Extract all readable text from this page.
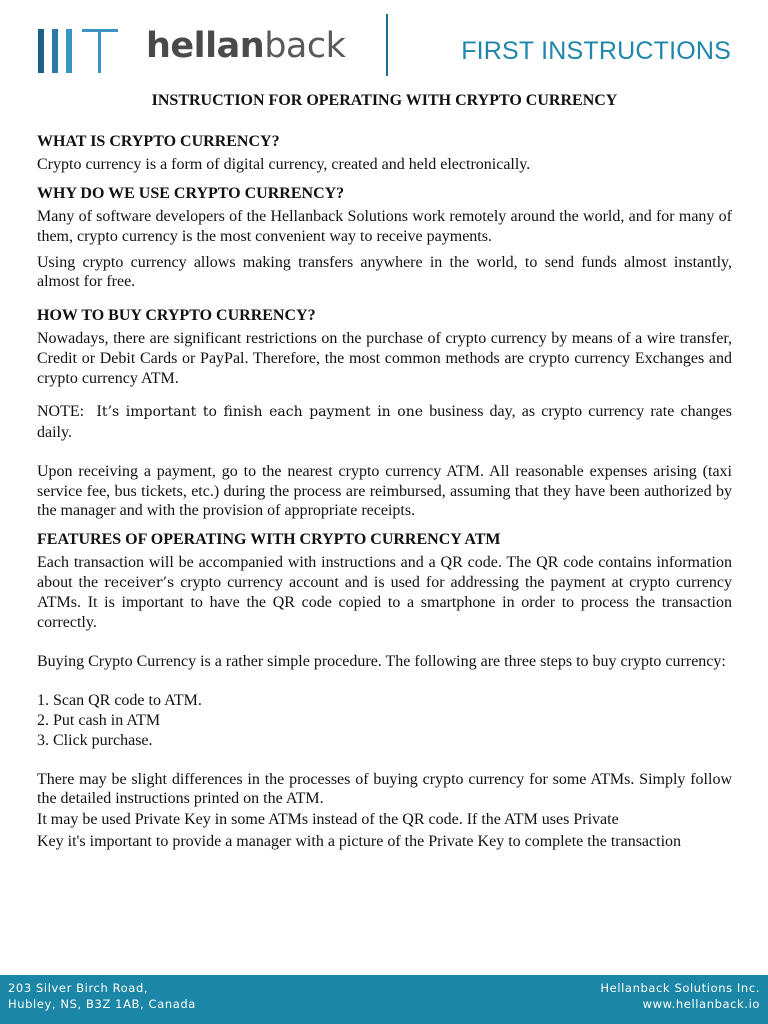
hellanback	FIRST INSTRUCTIONS
INSTRUCTION FOR OPERATING WITH CRYPTO CURRENCY
WHAT IS CRYPTO CURRENCY?

Crypto currency is a form of digital currency, created and held electronically.

WHY DO WE USE CRYPTO CURRENCY?

Many of software developers of the Hellanback Solutions work remotely around the world, and for many of them, crypto currency is the most convenient way to receive payments.

Using crypto currency allows making transfers anywhere in the world, to send funds almost instantly, almost for free.

HOW TO BUY CRYPTO CURRENCY?

Nowadays, there are significant restrictions on the purchase of crypto currency by means of a wire transfer, Credit or Debit Cards or PayPal. Therefore, the most common methods are crypto currency Exchanges and crypto currency ATM.

NOTE: It’s important to finish each payment in one business day, as crypto currency rate changes daily.

Upon receiving a payment, go to the nearest crypto currency ATM. All reasonable expenses arising (taxi service fee, bus tickets, etc.) during the process are reimbursed, assuming that they have been authorized by the manager and with the provision of appropriate receipts.

FEATURES OF OPERATING WITH CRYPTO CURRENCY ATM

Each transaction will be accompanied with instructions and a QR code. The QR code contains information about the receiver’s crypto currency account and is used for addressing the payment at crypto currency ATMs. It is important to have the QR code copied to a smartphone in order to process the transaction correctly.

Buying Crypto Currency is a rather simple procedure. The following are three steps to buy crypto currency:

1. Scan QR code to ATM.
2. Put cash in ATM
3. Click purchase.

There may be slight differences in the processes of buying crypto currency for some ATMs. Simply follow the detailed instructions printed on the ATM.

It may be used Private Key in some ATMs instead of the QR code. If the ATM uses Private

Key it's important to provide a manager with a picture of the Private Key to complete the transaction

203 Silver Birch Road,
Hubley, NS, B3Z 1AB, Canada
Hellanback Solutions Inc.
www.hellanback.io
